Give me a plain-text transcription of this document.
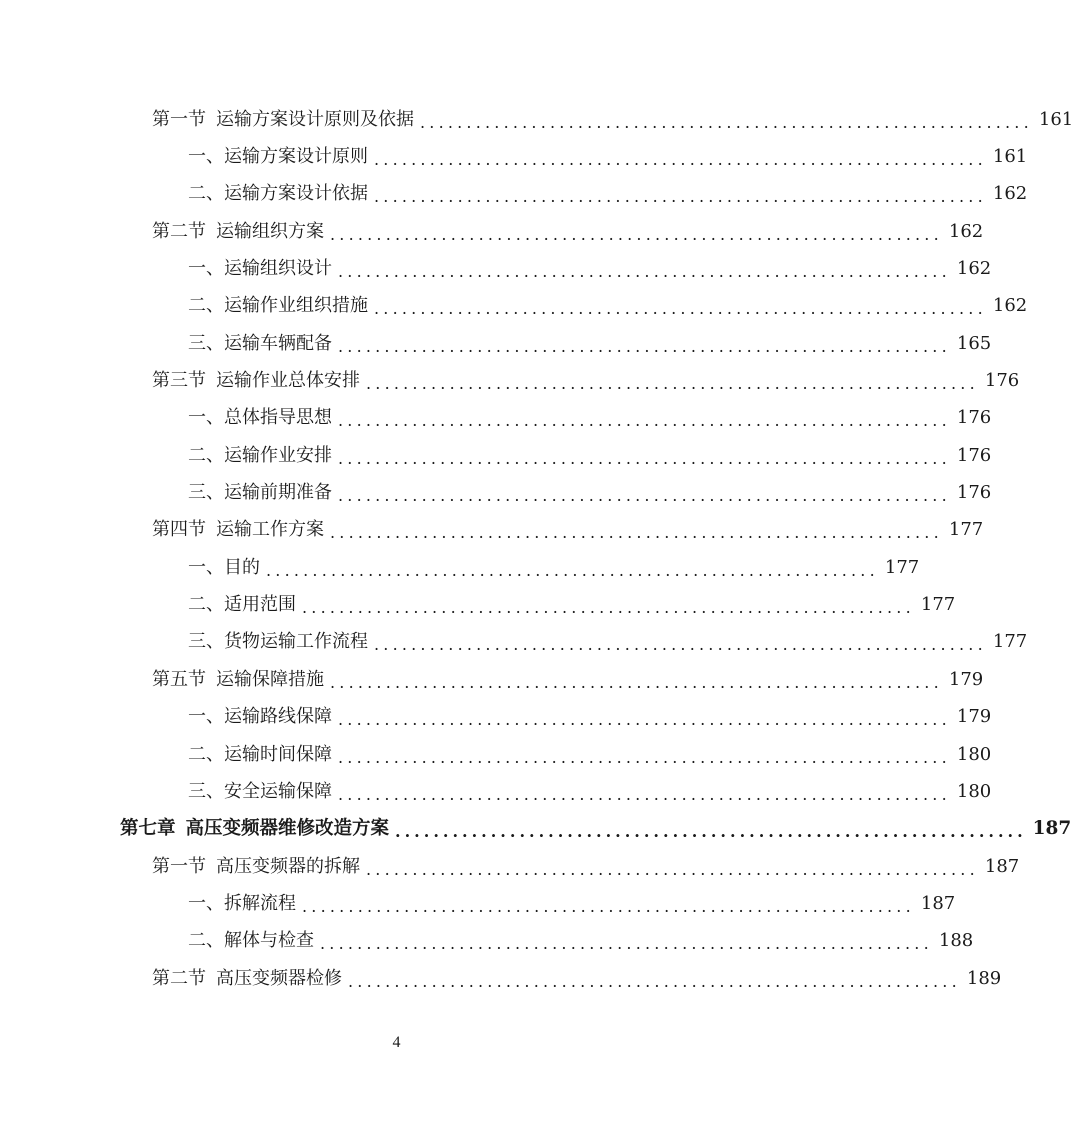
第一节 运输方案设计原则及依据 .................................................................. 161
一、运输方案设计原则 .................................................................. 161
二、运输方案设计依据 .................................................................. 162
第二节 运输组织方案 .................................................................. 162
一、运输组织设计 .................................................................. 162
二、运输作业组织措施 .................................................................. 162
三、运输车辆配备 .................................................................. 165
第三节 运输作业总体安排 .................................................................. 176
一、总体指导思想 .................................................................. 176
二、运输作业安排 .................................................................. 176
三、运输前期准备 .................................................................. 176
第四节 运输工作方案 .................................................................. 177
一、目的 .................................................................. 177
二、适用范围 .................................................................. 177
三、货物运输工作流程 .................................................................. 177
第五节 运输保障措施 .................................................................. 179
一、运输路线保障 .................................................................. 179
二、运输时间保障 .................................................................. 180
三、安全运输保障 .................................................................. 180
第七章 高压变频器维修改造方案 .................................................................. 187
第一节 高压变频器的拆解 .................................................................. 187
一、拆解流程 .................................................................. 187
二、解体与检查 .................................................................. 188
第二节 高压变频器检修 .................................................................. 189
4
